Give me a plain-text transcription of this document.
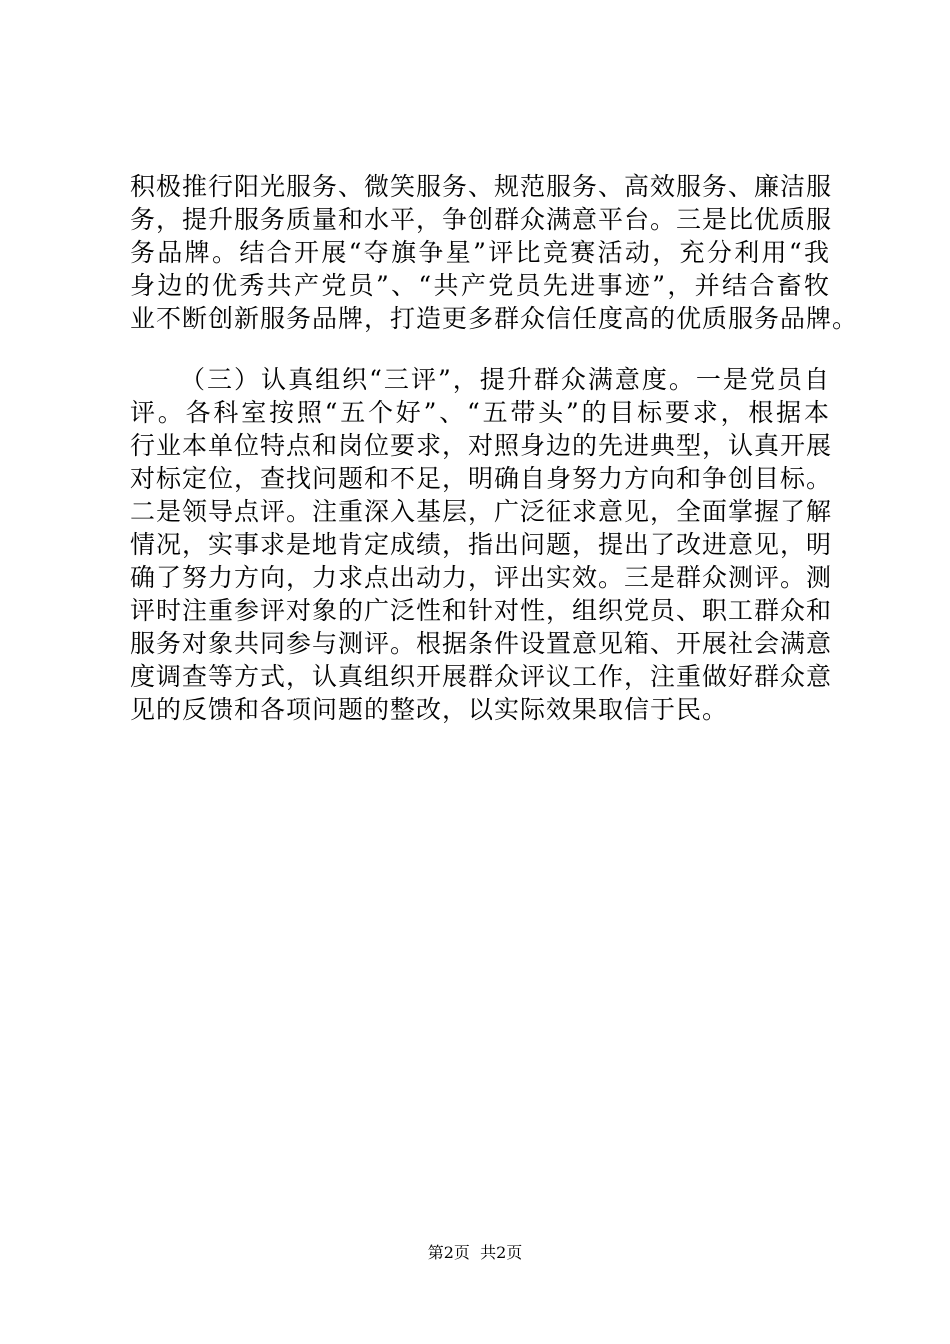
积极推行阳光服务、微笑服务、规范服务、高效服务、廉洁服
务，提升服务质量和水平，争创群众满意平台。三是比优质服
务品牌。结合开展“夺旗争星”评比竞赛活动，充分利用“我
身边的优秀共产党员”、“共产党员先进事迹”，并结合畜牧
业不断创新服务品牌，打造更多群众信任度高的优质服务品牌。
（三）认真组织“三评”，提升群众满意度。一是党员自
评。各科室按照“五个好”、“五带头”的目标要求，根据本
行业本单位特点和岗位要求，对照身边的先进典型，认真开展
对标定位，查找问题和不足，明确自身努力方向和争创目标。
二是领导点评。注重深入基层，广泛征求意见，全面掌握了解
情况，实事求是地肯定成绩，指出问题，提出了改进意见，明
确了努力方向，力求点出动力，评出实效。三是群众测评。测
评时注重参评对象的广泛性和针对性，组织党员、职工群众和
服务对象共同参与测评。根据条件设置意见箱、开展社会满意
度调查等方式，认真组织开展群众评议工作，注重做好群众意
见的反馈和各项问题的整改，以实际效果取信于民。
第2页  共2页
